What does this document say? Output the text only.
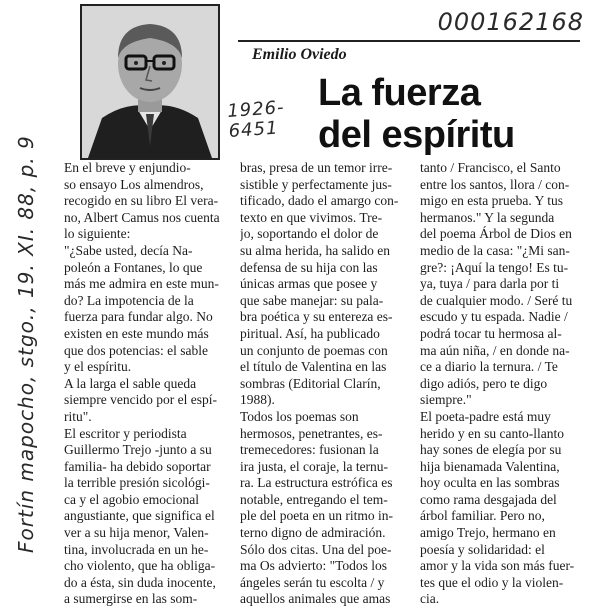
000162168
1926-
6451
Fortín mapocho, stgo., 19. XI. 88, p. 9
Emilio Oviedo
La fuerza
del espíritu
En el breve y enjundio-
so ensayo Los almendros,
recogido en su libro El vera-
no, Albert Camus nos cuenta
lo siguiente:
"¿Sabe usted, decía Na-
poleón a Fontanes, lo que
más me admira en este mun-
do? La impotencia de la
fuerza para fundar algo. No
existen en este mundo más
que dos potencias: el sable
y el espíritu.
A la larga el sable queda
siempre vencido por el espí-
ritu".
El escritor y periodista
Guillermo Trejo -junto a su
familia- ha debido soportar
la terrible presión sicológi-
ca y el agobio emocional
angustiante, que significa el
ver a su hija menor, Valen-
tina, involucrada en un he-
cho violento, que ha obliga-
do a ésta, sin duda inocente,
a sumergirse en las som-
bras, presa de un temor irre-
sistible y perfectamente jus-
tificado, dado el amargo con-
texto en que vivimos. Tre-
jo, soportando el dolor de
su alma herida, ha salido en
defensa de su hija con las
únicas armas que posee y
que sabe manejar: su pala-
bra poética y su entereza es-
piritual. Así, ha publicado
un conjunto de poemas con
el título de Valentina en las
sombras (Editorial Clarín,
1988).
Todos los poemas son
hermosos, penetrantes, es-
tremecedores: fusionan la
ira justa, el coraje, la ternu-
ra. La estructura estrófica es
notable, entregando el tem-
ple del poeta en un ritmo in-
terno digno de admiración.
Sólo dos citas. Una del poe-
ma Os advierto: "Todos los
ángeles serán tu escolta / y
aquellos animales que amas
tanto / Francisco, el Santo
entre los santos, llora / con-
migo en esta prueba. Y tus
hermanos." Y la segunda
del poema Árbol de Dios en
medio de la casa: "¿Mi san-
gre?: ¡Aquí la tengo! Es tu-
ya, tuya / para darla por ti
de cualquier modo. / Seré tu
escudo y tu espada. Nadie /
podrá tocar tu hermosa al-
ma aún niña, / en donde na-
ce a diario la ternura. / Te
digo adiós, pero te digo
siempre."
El poeta-padre está muy
herido y en su canto-llanto
hay sones de elegía por su
hija bienamada Valentina,
hoy oculta en las sombras
como rama desgajada del
árbol familiar. Pero no,
amigo Trejo, hermano en
poesía y solidaridad: el
amor y la vida son más fuer-
tes que el odio y la violen-
cia.
